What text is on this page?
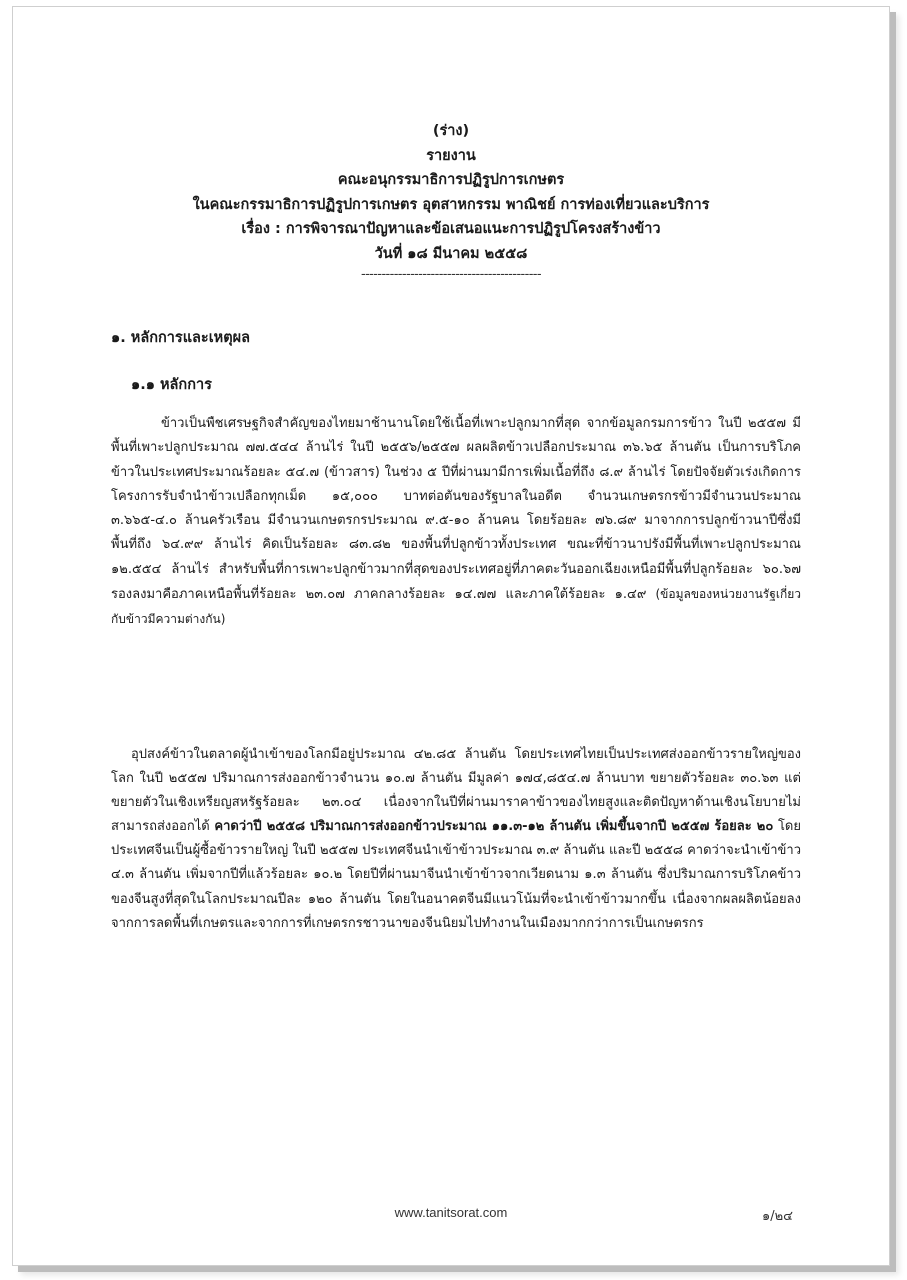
(ร่าง)
รายงาน
คณะอนุกรรมาธิการปฏิรูปการเกษตร
ในคณะกรรมาธิการปฏิรูปการเกษตร อุตสาหกรรม พาณิชย์ การท่องเที่ยวและบริการ
เรื่อง : การพิจารณาปัญหาและข้อเสนอแนะการปฏิรูปโครงสร้างข้าว
วันที่ ๑๘ มีนาคม ๒๕๕๘
--------------------------------------------
๑. หลักการและเหตุผล
๑.๑ หลักการ

ข้าวเป็นพืชเศรษฐกิจสำคัญของไทยมาช้านานโดยใช้เนื้อที่เพาะปลูกมากที่สุด จากข้อมูลกรมการข้าว ในปี ๒๕๕๗ มีพื้นที่เพาะปลูกประมาณ ๗๗.๕๔๔ ล้านไร่ ในปี ๒๕๕๖/๒๕๕๗ ผลผลิตข้าวเปลือกประมาณ ๓๖.๖๕ ล้านตัน เป็นการบริโภคข้าวในประเทศประมาณร้อยละ ๕๔.๗ (ข้าวสาร) ในช่วง ๕ ปีที่ผ่านมามีการเพิ่มเนื้อที่ถึง ๘.๙ ล้านไร่ โดยปัจจัยตัวเร่งเกิดการโครงการรับจำนำข้าวเปลือกทุกเม็ด ๑๕,๐๐๐ บาทต่อตันของรัฐบาลในอดีต จำนวนเกษตรกรข้าวมีจำนวนประมาณ ๓.๖๖๕-๔.๐ ล้านครัวเรือน มีจำนวนเกษตรกรประมาณ ๙.๕-๑๐ ล้านคน โดยร้อยละ ๗๖.๘๙ มาจากการปลูกข้าวนาปีซึ่งมีพื้นที่ถึง ๖๔.๙๙ ล้านไร่ คิดเป็นร้อยละ ๘๓.๘๒ ของพื้นที่ปลูกข้าวทั้งประเทศ ขณะที่ข้าวนาปรังมีพื้นที่เพาะปลูกประมาณ ๑๒.๕๕๔ ล้านไร่ สำหรับพื้นที่การเพาะปลูกข้าวมากที่สุดของประเทศอยู่ที่ภาคตะวันออกเฉียงเหนือมีพื้นที่ปลูกร้อยละ ๖๐.๖๗ รองลงมาคือภาคเหนือพื้นที่ร้อยละ ๒๓.๐๗ ภาคกลางร้อยละ ๑๔.๗๗ และภาคใต้ร้อยละ ๑.๔๙ (ข้อมูลของหน่วยงานรัฐเกี่ยวกับข้าวมีความต่างกัน)

อุปสงค์ข้าวในตลาดผู้นำเข้าของโลกมีอยู่ประมาณ ๔๒.๘๕ ล้านตัน โดยประเทศไทยเป็นประเทศส่งออกข้าวรายใหญ่ของโลก ในปี ๒๕๕๗ ปริมาณการส่งออกข้าวจำนวน ๑๐.๗ ล้านตัน มีมูลค่า ๑๗๔,๘๕๔.๗ ล้านบาท ขยายตัวร้อยละ ๓๐.๖๓ แต่ขยายตัวในเชิงเหรียญสหรัฐร้อยละ ๒๓.๐๔ เนื่องจากในปีที่ผ่านมาราคาข้าวของไทยสูงและติดปัญหาด้านเชิงนโยบายไม่สามารถส่งออกได้ คาดว่าปี ๒๕๕๘ ปริมาณการส่งออกข้าวประมาณ ๑๑.๓-๑๒ ล้านตัน เพิ่มขึ้นจากปี ๒๕๕๗ ร้อยละ ๒๐ โดยประเทศจีนเป็นผู้ซื้อข้าวรายใหญ่ ในปี ๒๕๕๗ ประเทศจีนนำเข้าข้าวประมาณ ๓.๙ ล้านตัน และปี ๒๕๕๘ คาดว่าจะนำเข้าข้าว ๔.๓ ล้านตัน เพิ่มจากปีที่แล้วร้อยละ ๑๐.๒ โดยปีที่ผ่านมาจีนนำเข้าข้าวจากเวียดนาม ๑.๓ ล้านตัน ซึ่งปริมาณการบริโภคข้าวของจีนสูงที่สุดในโลกประมาณปีละ ๑๒๐ ล้านตัน โดยในอนาคตจีนมีแนวโน้มที่จะนำเข้าข้าวมากขึ้น เนื่องจากผลผลิตน้อยลงจากการลดพื้นที่เกษตรและจากการที่เกษตรกรชาวนาของจีนนิยมไปทำงานในเมืองมากกว่าการเป็นเกษตรกร

www.tanitsorat.com	๑/๒๔
